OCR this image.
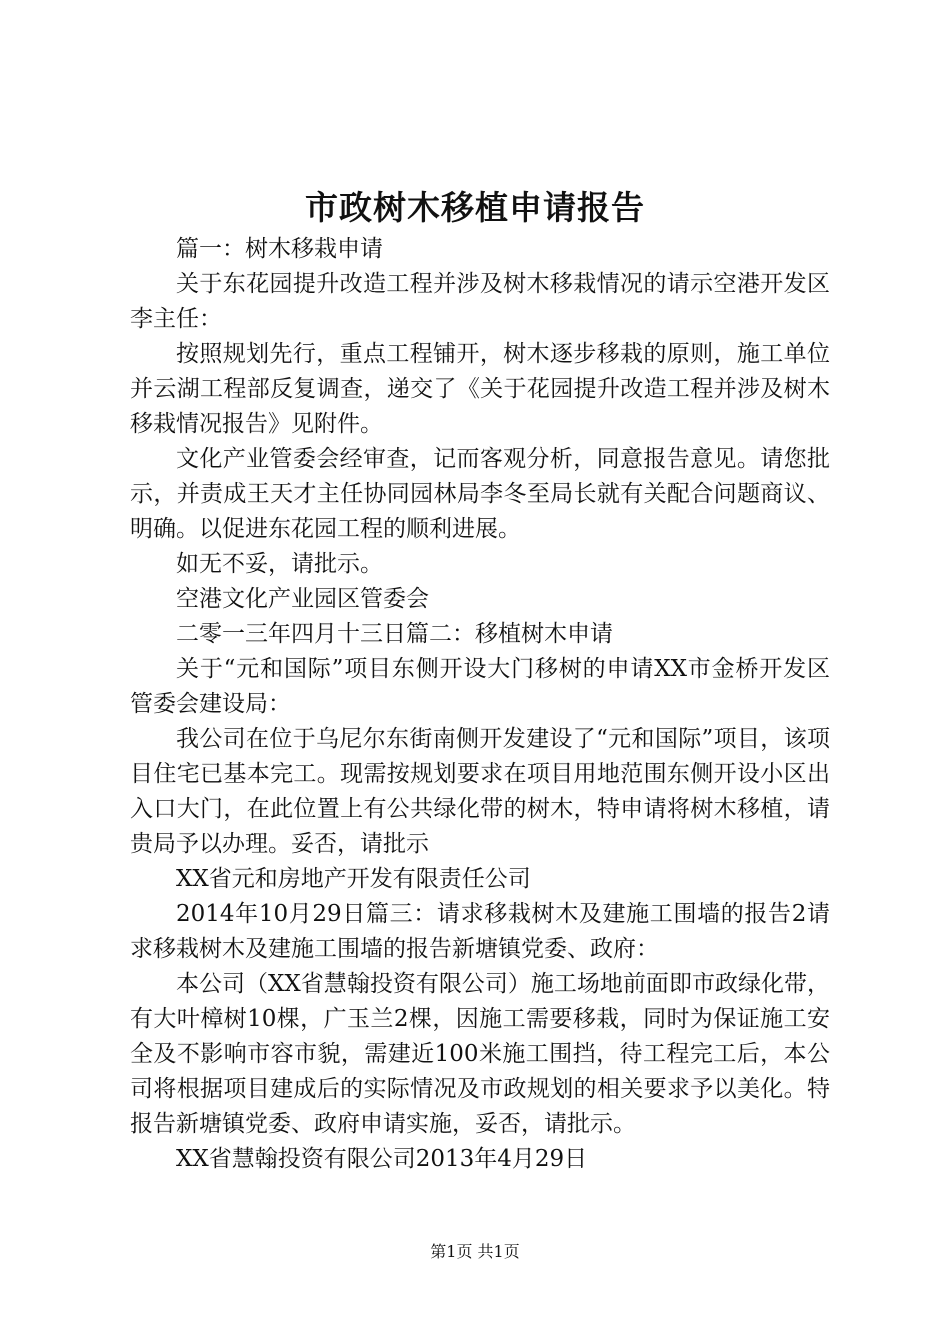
市政树木移植申请报告

篇一：树木移栽申请

关于东花园提升改造工程并涉及树木移栽情况的请示空港开发区李主任：

按照规划先行，重点工程铺开，树木逐步移栽的原则，施工单位并云湖工程部反复调查，递交了《关于花园提升改造工程并涉及树木移栽情况报告》见附件。

文化产业管委会经审查，记而客观分析，同意报告意见。请您批示，并责成王天才主任协同园林局李冬至局长就有关配合问题商议、明确。以促进东花园工程的顺利进展。

如无不妥，请批示。

空港文化产业园区管委会

二零一三年四月十三日篇二：移植树木申请

关于“元和国际”项目东侧开设大门移树的申请XX市金桥开发区管委会建设局：

我公司在位于乌尼尔东街南侧开发建设了“元和国际”项目，该项目住宅已基本完工。现需按规划要求在项目用地范围东侧开设小区出入口大门，在此位置上有公共绿化带的树木，特申请将树木移植，请贵局予以办理。妥否，请批示

XX省元和房地产开发有限责任公司

2014年10月29日篇三：请求移栽树木及建施工围墙的报告2请求移栽树木及建施工围墙的报告新塘镇党委、政府：

本公司（XX省慧翰投资有限公司）施工场地前面即市政绿化带，有大叶樟树10棵，广玉兰2棵，因施工需要移栽，同时为保证施工安全及不影响市容市貌，需建近100米施工围挡，待工程完工后，本公司将根据项目建成后的实际情况及市政规划的相关要求予以美化。特报告新塘镇党委、政府申请实施，妥否，请批示。

XX省慧翰投资有限公司2013年4月29日

第1页 共1页
